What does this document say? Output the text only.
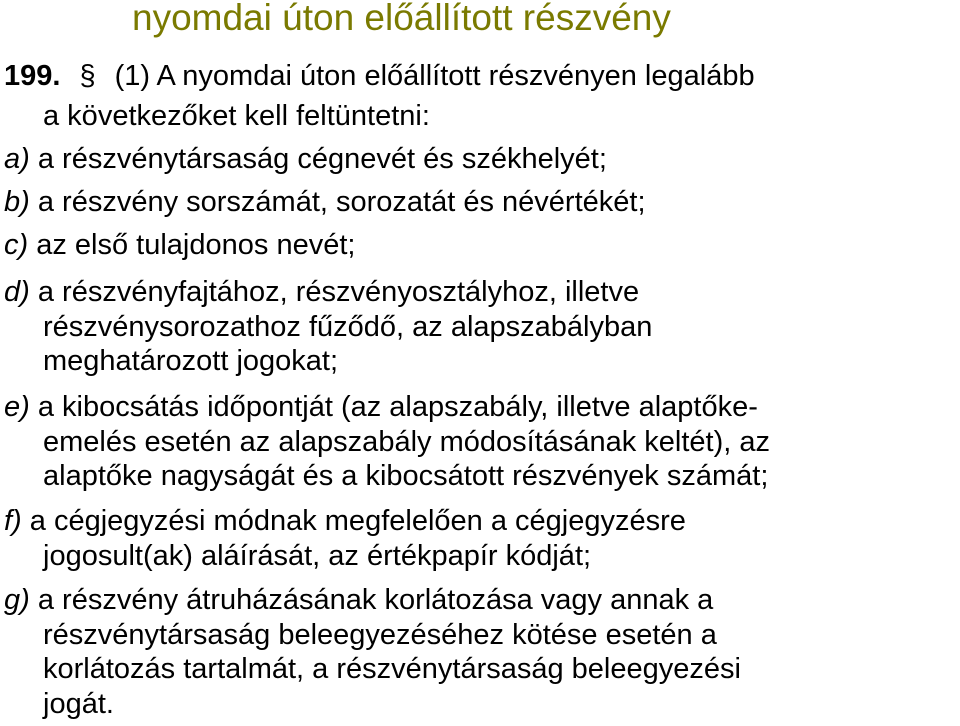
nyomdai úton előállított részvény
199. § (1) A nyomdai úton előállított részvényen legalább
a következőket kell feltüntetni:
a) a részvénytársaság cégnevét és székhelyét;
b) a részvény sorszámát, sorozatát és névértékét;
c) az első tulajdonos nevét;
d) a részvényfajtához, részvényosztályhoz, illetve
részvénysorozathoz fűződő, az alapszabályban
meghatározott jogokat;
e) a kibocsátás időpontját (az alapszabály, illetve alaptőke-
emelés esetén az alapszabály módosításának keltét), az
alaptőke nagyságát és a kibocsátott részvények számát;
f) a cégjegyzési módnak megfelelően a cégjegyzésre
jogosult(ak) aláírását, az értékpapír kódját;
g) a részvény átruházásának korlátozása vagy annak a
részvénytársaság beleegyezéséhez kötése esetén a
korlátozás tartalmát, a részvénytársaság beleegyezési
jogát.
